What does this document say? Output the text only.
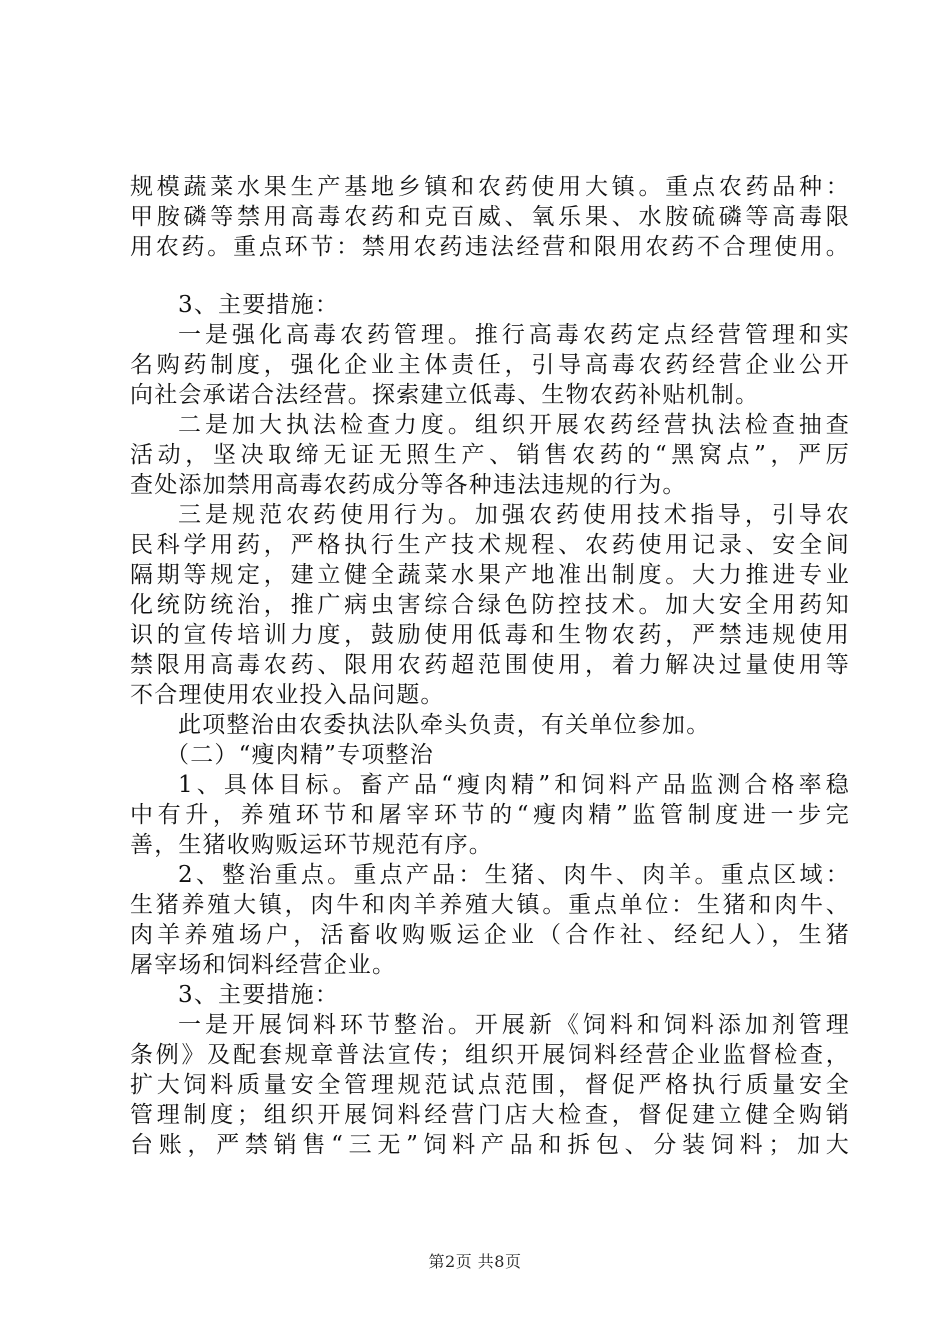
规模蔬菜水果生产基地乡镇和农药使用大镇。重点农药品种：
甲胺磷等禁用高毒农药和克百威、氧乐果、水胺硫磷等高毒限
用农药。重点环节：禁用农药违法经营和限用农药不合理使用。
3、主要措施：
一是强化高毒农药管理。推行高毒农药定点经营管理和实
名购药制度，强化企业主体责任，引导高毒农药经营企业公开
向社会承诺合法经营。探索建立低毒、生物农药补贴机制。
二是加大执法检查力度。组织开展农药经营执法检查抽查
活动，坚决取缔无证无照生产、销售农药的“黑窝点”，严厉
查处添加禁用高毒农药成分等各种违法违规的行为。
三是规范农药使用行为。加强农药使用技术指导，引导农
民科学用药，严格执行生产技术规程、农药使用记录、安全间
隔期等规定，建立健全蔬菜水果产地准出制度。大力推进专业
化统防统治，推广病虫害综合绿色防控技术。加大安全用药知
识的宣传培训力度，鼓励使用低毒和生物农药，严禁违规使用
禁限用高毒农药、限用农药超范围使用，着力解决过量使用等
不合理使用农业投入品问题。
此项整治由农委执法队牵头负责，有关单位参加。
（二）“瘦肉精”专项整治
1、具体目标。畜产品“瘦肉精”和饲料产品监测合格率稳
中有升，养殖环节和屠宰环节的“瘦肉精”监管制度进一步完
善，生猪收购贩运环节规范有序。
2、整治重点。重点产品：生猪、肉牛、肉羊。重点区域：
生猪养殖大镇，肉牛和肉羊养殖大镇。重点单位：生猪和肉牛、
肉羊养殖场户，活畜收购贩运企业（合作社、经纪人），生猪
屠宰场和饲料经营企业。
3、主要措施：
一是开展饲料环节整治。开展新《饲料和饲料添加剂管理
条例》及配套规章普法宣传；组织开展饲料经营企业监督检查，
扩大饲料质量安全管理规范试点范围，督促严格执行质量安全
管理制度；组织开展饲料经营门店大检查，督促建立健全购销
台账，严禁销售“三无”饲料产品和拆包、分装饲料；加大
第2页 共8页
